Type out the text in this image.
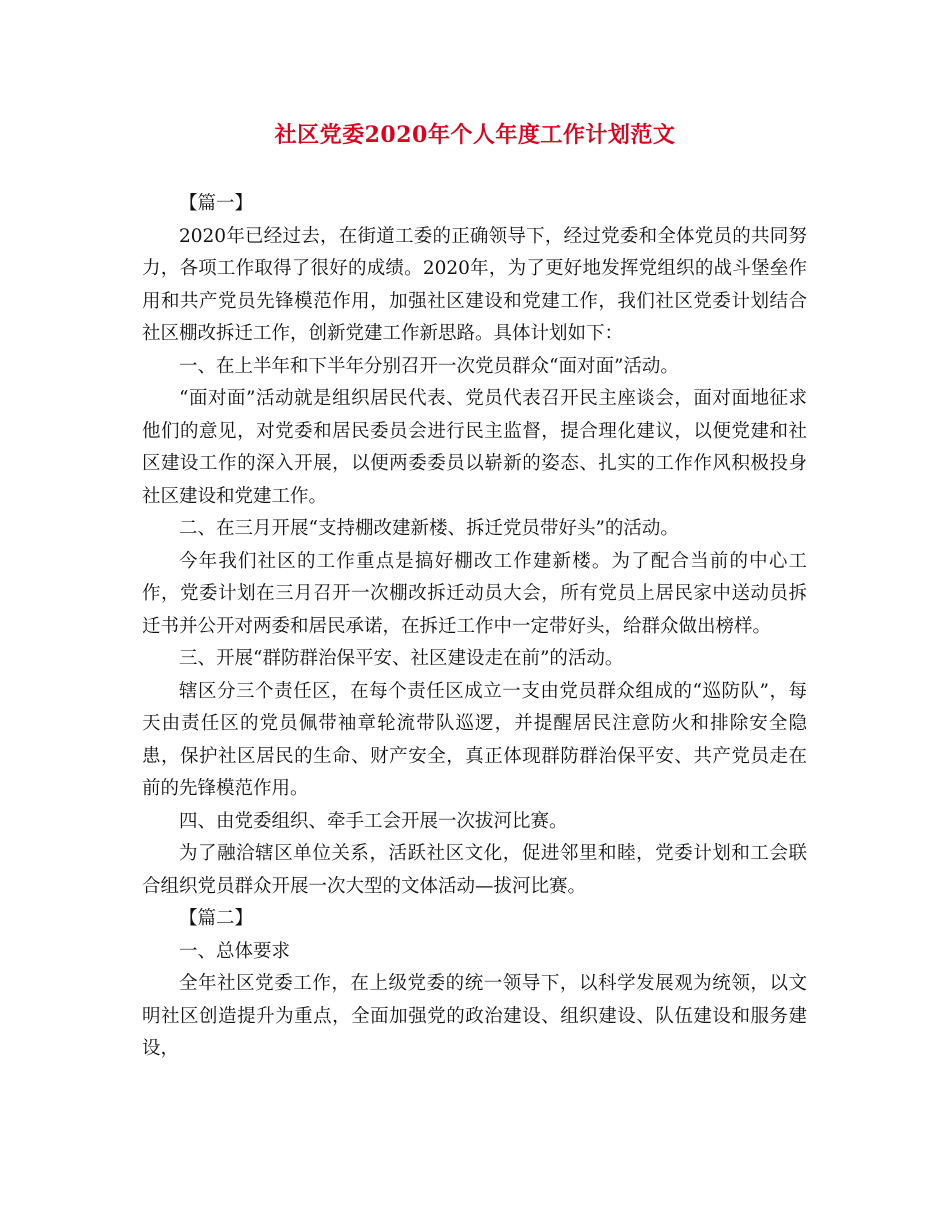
社区党委2020年个人年度工作计划范文

【篇一】

2020年已经过去，在街道工委的正确领导下，经过党委和全体党员的共同努力，各项工作取得了很好的成绩。2020年，为了更好地发挥党组织的战斗堡垒作用和共产党员先锋模范作用，加强社区建设和党建工作，我们社区党委计划结合社区棚改拆迁工作，创新党建工作新思路。具体计划如下：

一、在上半年和下半年分别召开一次党员群众“面对面”活动。

“面对面”活动就是组织居民代表、党员代表召开民主座谈会，面对面地征求他们的意见，对党委和居民委员会进行民主监督，提合理化建议，以便党建和社区建设工作的深入开展，以便两委委员以崭新的姿态、扎实的工作作风积极投身社区建设和党建工作。

二、在三月开展“支持棚改建新楼、拆迁党员带好头”的活动。

今年我们社区的工作重点是搞好棚改工作建新楼。为了配合当前的中心工作，党委计划在三月召开一次棚改拆迁动员大会，所有党员上居民家中送动员拆迁书并公开对两委和居民承诺，在拆迁工作中一定带好头，给群众做出榜样。

三、开展“群防群治保平安、社区建设走在前”的活动。

辖区分三个责任区，在每个责任区成立一支由党员群众组成的“巡防队”，每天由责任区的党员佩带袖章轮流带队巡逻，并提醒居民注意防火和排除安全隐患，保护社区居民的生命、财产安全，真正体现群防群治保平安、共产党员走在前的先锋模范作用。

四、由党委组织、牵手工会开展一次拔河比赛。

为了融洽辖区单位关系，活跃社区文化，促进邻里和睦，党委计划和工会联合组织党员群众开展一次大型的文体活动—拔河比赛。

【篇二】

一、总体要求

全年社区党委工作，在上级党委的统一领导下，以科学发展观为统领，以文明社区创造提升为重点，全面加强党的政治建设、组织建设、队伍建设和服务建设，
